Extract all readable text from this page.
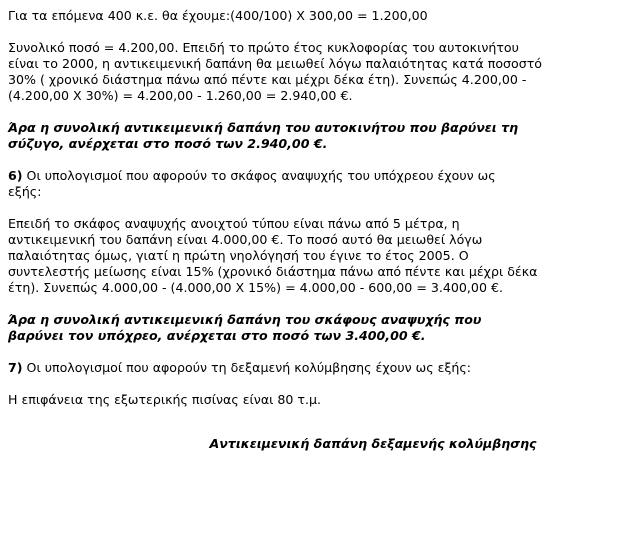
Για τα επόμενα 400 κ.ε. θα έχουμε:(400/100) Χ 300,00 = 1.200,00

Συνολικό ποσό = 4.200,00. Επειδή το πρώτο έτος κυκλοφορίας του αυτοκινήτου

είναι το 2000, η αντικειμενική δαπάνη θα μειωθεί λόγω παλαιότητας κατά ποσοστό

30% ( χρονικό διάστημα πάνω από πέντε και μέχρι δέκα έτη). Συνεπώς 4.200,00 -

(4.200,00 Χ 30%) = 4.200,00 - 1.260,00 = 2.940,00 €.

Άρα η συνολική αντικειμενική δαπάνη του αυτοκινήτου που βαρύνει τη

σύζυγο, ανέρχεται στο ποσό των 2.940,00 €.

6) Οι υπολογισμοί που αφορούν το σκάφος αναψυχής του υπόχρεου έχουν ως

εξής:

Επειδή το σκάφος αναψυχής ανοιχτού τύπου είναι πάνω από 5 μέτρα, η

αντικειμενική του δαπάνη είναι 4.000,00 €. Το ποσό αυτό θα μειωθεί λόγω

παλαιότητας όμως, γιατί η πρώτη νηολόγησή του έγινε το έτος 2005. Ο

συντελεστής μείωσης είναι 15% (χρονικό διάστημα πάνω από πέντε και μέχρι δέκα

έτη). Συνεπώς 4.000,00 - (4.000,00 Χ 15%) = 4.000,00 - 600,00 = 3.400,00 €.

Άρα η συνολική αντικειμενική δαπάνη του σκάφους αναψυχής που

βαρύνει τον υπόχρεο, ανέρχεται στο ποσό των 3.400,00 €.

7) Οι υπολογισμοί που αφορούν τη δεξαμενή κολύμβησης έχουν ως εξής:

Η επιφάνεια της εξωτερικής πισίνας είναι 80 τ.μ.

Αντικειμενική δαπάνη δεξαμενής κολύμβησης
